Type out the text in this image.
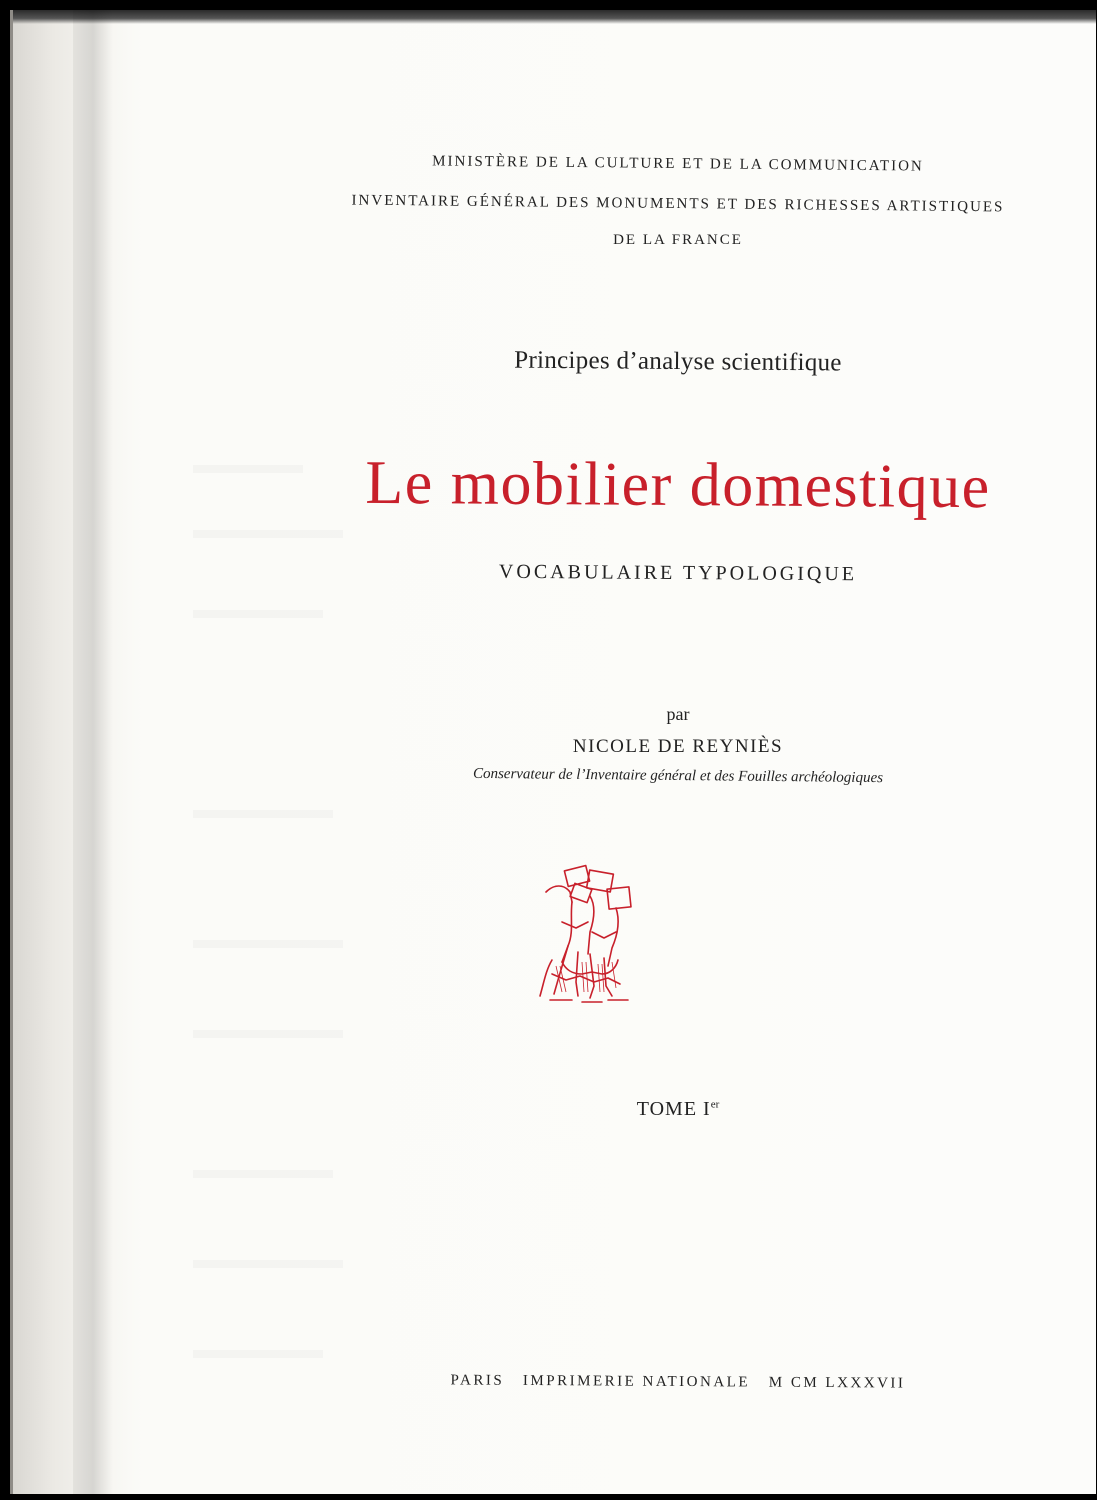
MINISTÈRE DE LA CULTURE ET DE LA COMMUNICATION
INVENTAIRE GÉNÉRAL DES MONUMENTS ET DES RICHESSES ARTISTIQUES
DE LA FRANCE
Principes d’analyse scientifique
Le mobilier domestique
VOCABULAIRE TYPOLOGIQUE
par
NICOLE DE REYNIÈS
Conservateur de l’Inventaire général et des Fouilles archéologiques
TOME Ier
PARIS   IMPRIMERIE NATIONALE   M CM LXXXVII
